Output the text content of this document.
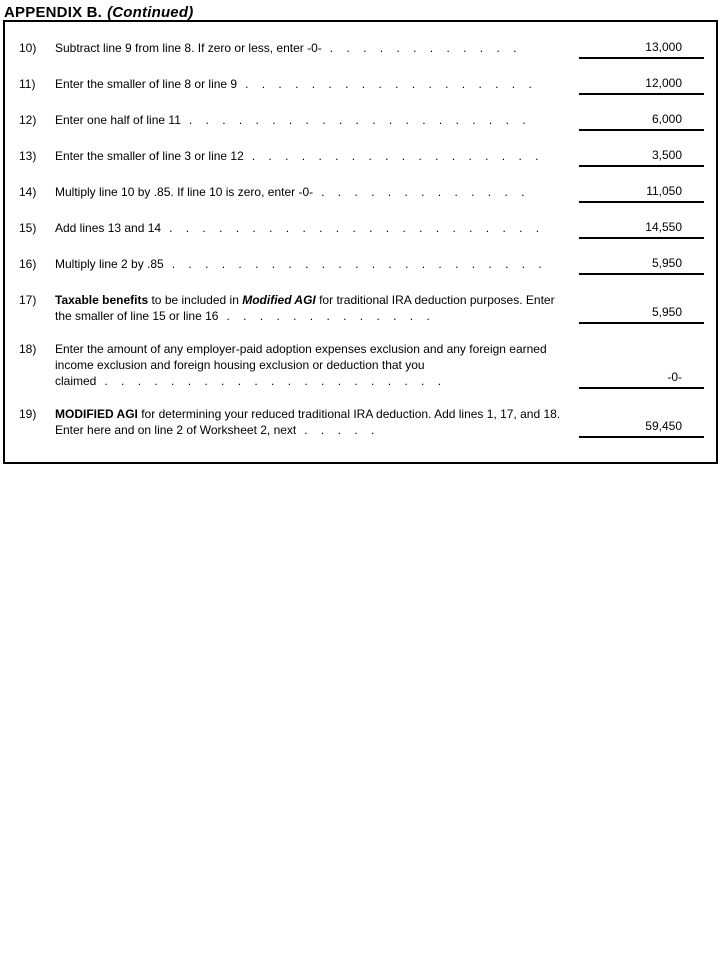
APPENDIX B. (Continued)
10)	Subtract line 9 from line 8. If zero or less, enter -0- . . . . . . . . . . . .	13,000
11)	Enter the smaller of line 8 or line 9 . . . . . . . . . . . . . . . . . .	12,000
12)	Enter one half of line 11 . . . . . . . . . . . . . . . . . . . . .	6,000
13)	Enter the smaller of line 3 or line 12 . . . . . . . . . . . . . . . . . .	3,500
14)	Multiply line 10 by .85. If line 10 is zero, enter -0- . . . . . . . . . . . . .	11,050
15)	Add lines 13 and 14 . . . . . . . . . . . . . . . . . . . . . . .	14,550
16)	Multiply line 2 by .85 . . . . . . . . . . . . . . . . . . . . . . .	5,950
17)	Taxable benefits to be included in Modified AGI for traditional IRA deduction purposes. Enter the smaller of line 15 or line 16 . . . . . . . . . . . . .	5,950
18)	Enter the amount of any employer-paid adoption expenses exclusion and any foreign earned income exclusion and foreign housing exclusion or deduction that you claimed . . . . . . . . . . . . . . . . . . . . .	-0-
19)	MODIFIED AGI for determining your reduced traditional IRA deduction. Add lines 1, 17, and 18. Enter here and on line 2 of Worksheet 2, next . . . . .	59,450
